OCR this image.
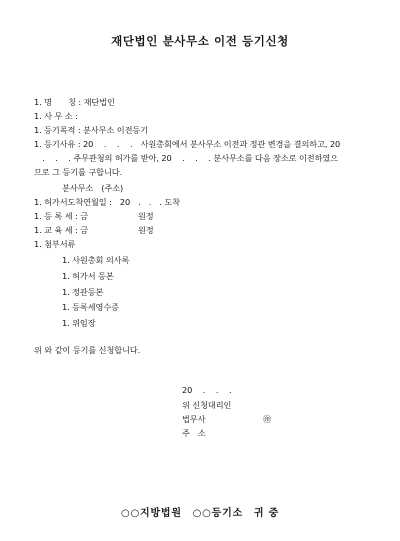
재단법인 분사무소 이전 등기신청
1. 명　　칭 : 재단법인
1. 사 무 소 :
1. 등기목적 : 분사무소 이전등기
1. 등기사유 : 20　 .　 .　 .　사원총회에서 분사무소 이전과 정관 변경을 결의하고, 20
　.　 .　 . 주무관청의 허가를 받아, 20　 .　 .　 . 분사무소를 다음 장소로 이전하였으
므로 그 등기를 구합니다.
분사무소　(주소)
1. 허가서도착연월일 :　20　.　.　. 도착
1. 등 록 세 : 금	원정
1. 교 육 세 : 금	원정
1. 첨부서류
1. 사원총회 의사록
1. 허가서 등본
1. 정관등본
1. 등록세영수증
1. 위임장
위 와 같이 등기를 신청합니다.
20　 .　 .　 .
위 신청대리인
법무사	㊞
주　소
○○지방법원　○○등기소　귀 중
